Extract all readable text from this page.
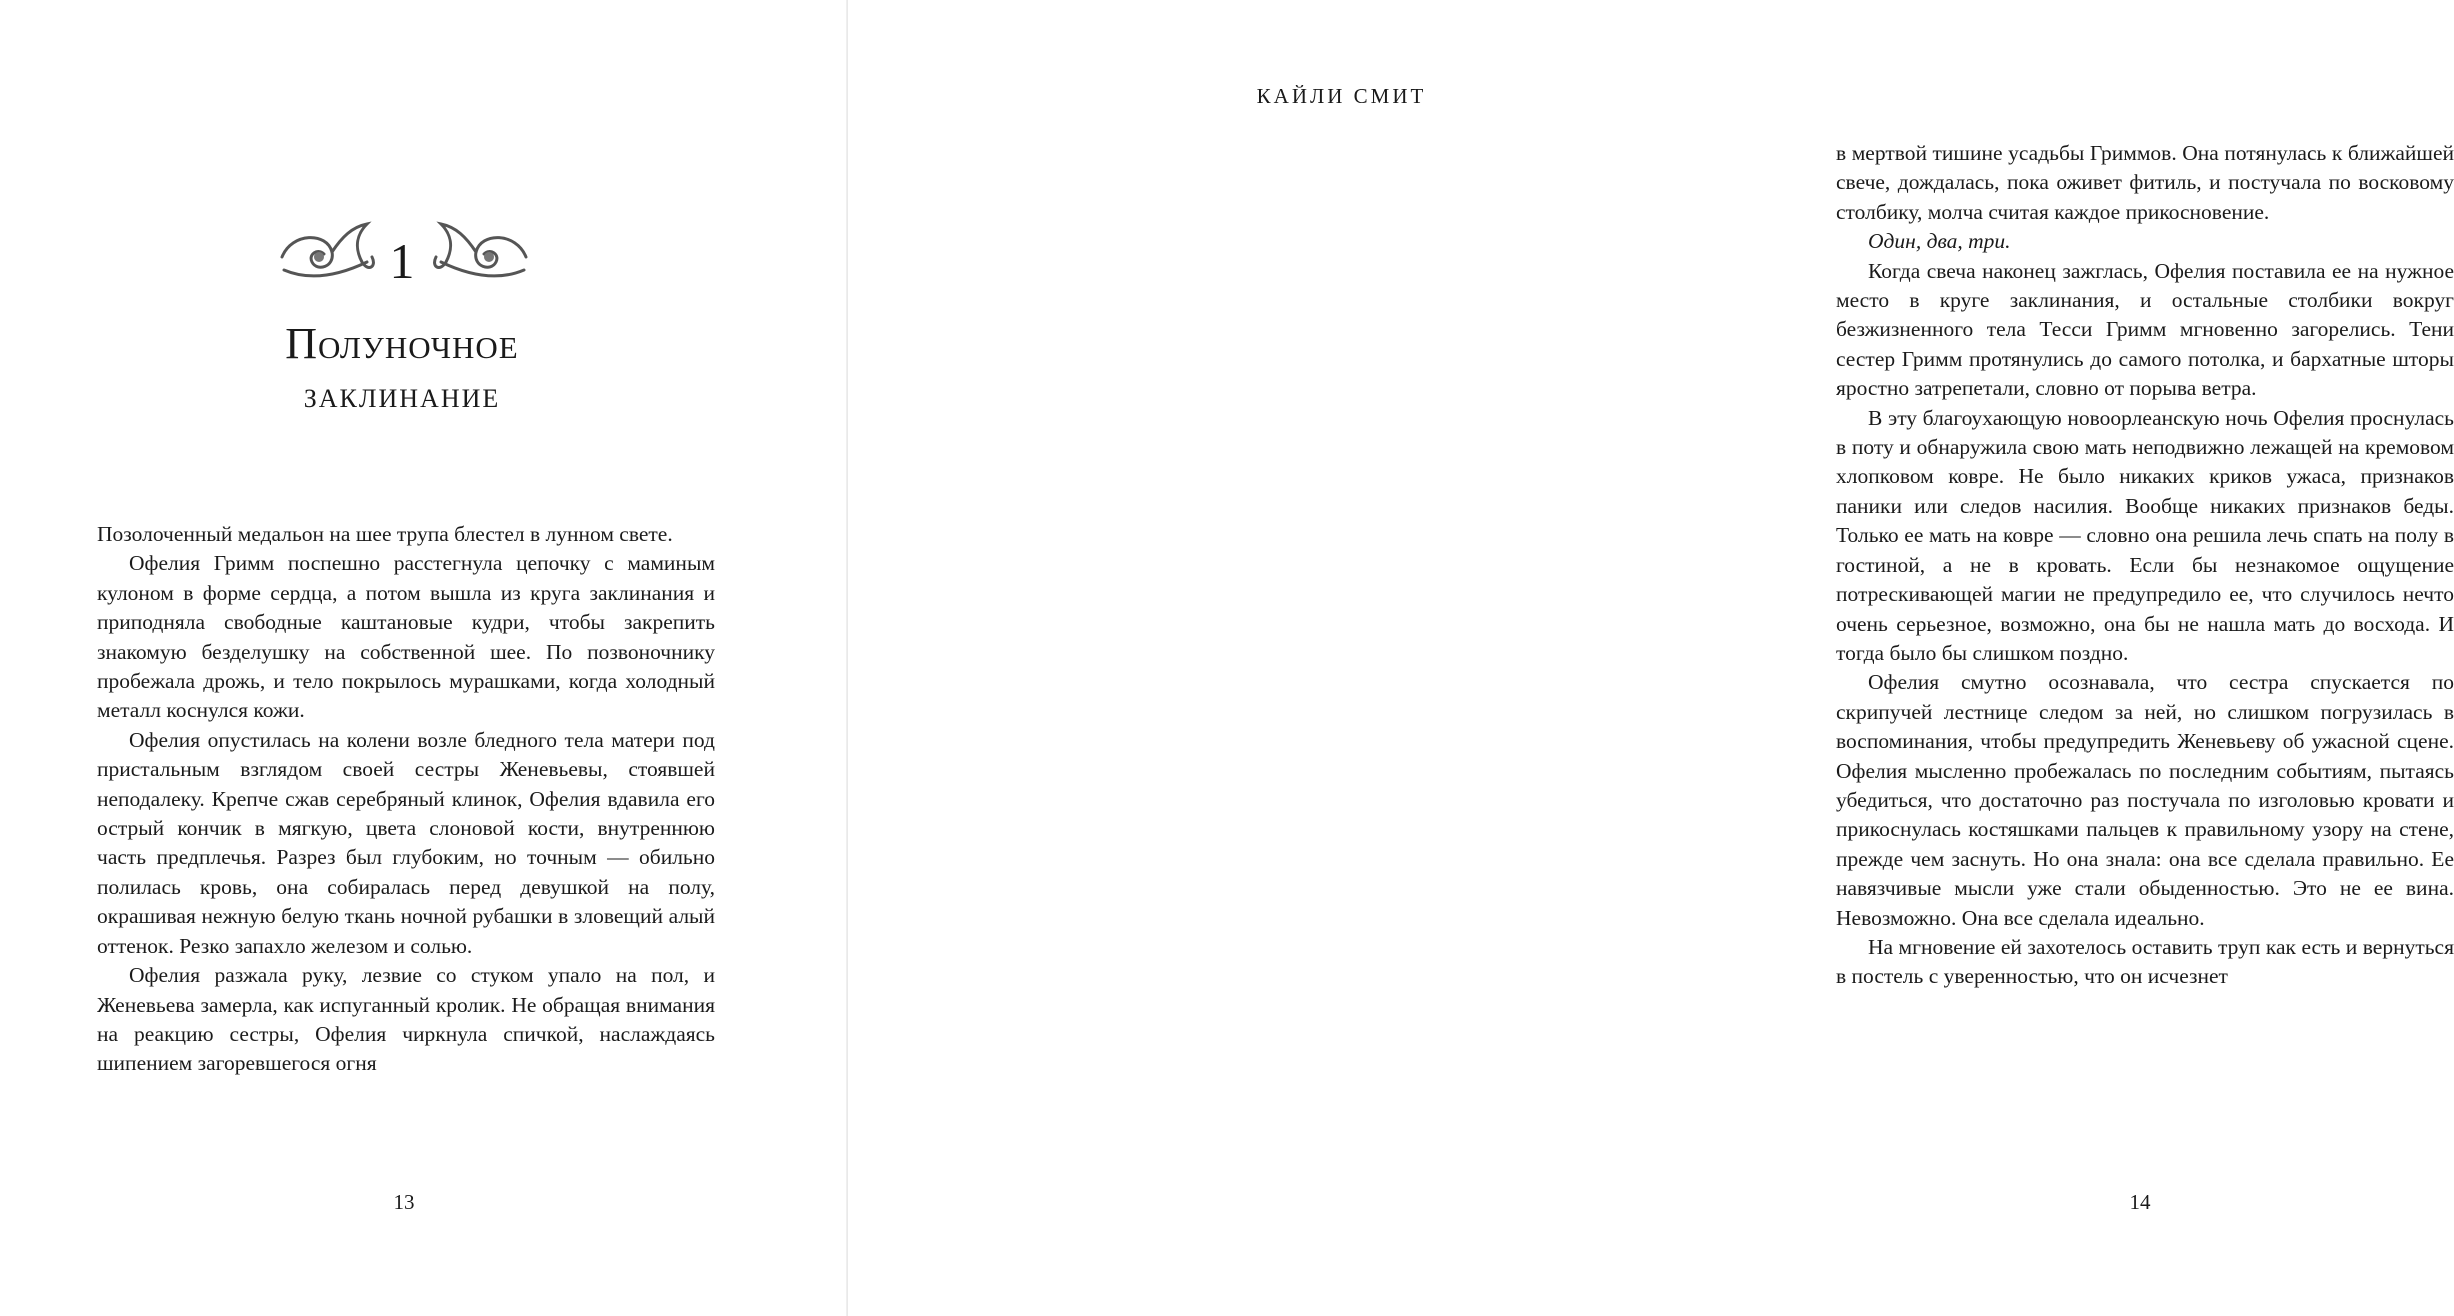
1
Полуночное
заклинание

Позолоченный медальон на шее трупа блестел в лунном свете.

Офелия Гримм поспешно расстегнула цепочку с маминым кулоном в форме сердца, а потом вышла из круга заклинания и приподняла свободные каштановые кудри, чтобы закрепить знакомую безделушку на собственной шее. По позвоночнику пробежала дрожь, и тело покрылось мурашками, когда холодный металл коснулся кожи.

Офелия опустилась на колени возле бледного тела матери под пристальным взглядом своей сестры Женевьевы, стоявшей неподалеку. Крепче сжав серебряный клинок, Офелия вдавила его острый кончик в мягкую, цвета слоновой кости, внутреннюю часть предплечья. Разрез был глубоким, но точным — обильно полилась кровь, она собиралась перед девушкой на полу, окрашивая нежную белую ткань ночной рубашки в зловещий алый оттенок. Резко запахло железом и солью.

Офелия разжала руку, лезвие со стуком упало на пол, и Женевьева замерла, как испуганный кролик. Не обращая внимания на реакцию сестры, Офелия чиркнула спичкой, наслаждаясь шипением загоревшегося огня

13
КАЙЛИ СМИТ

в мертвой тишине усадьбы Гриммов. Она потянулась к ближайшей свече, дождалась, пока оживет фитиль, и постучала по восковому столбику, молча считая каждое прикосновение.

Один, два, три.

Когда свеча наконец зажглась, Офелия поставила ее на нужное место в круге заклинания, и остальные столбики вокруг безжизненного тела Тесси Гримм мгновенно загорелись. Тени сестер Гримм протянулись до самого потолка, и бархатные шторы яростно затрепетали, словно от порыва ветра.

В эту благоухающую новоорлеанскую ночь Офелия проснулась в поту и обнаружила свою мать неподвижно лежащей на кремовом хлопковом ковре. Не было никаких криков ужаса, признаков паники или следов насилия. Вообще никаких признаков беды. Только ее мать на ковре — словно она решила лечь спать на полу в гостиной, а не в кровать. Если бы незнакомое ощущение потрескивающей магии не предупредило ее, что случилось нечто очень серьезное, возможно, она бы не нашла мать до восхода. И тогда было бы слишком поздно.

Офелия смутно осознавала, что сестра спускается по скрипучей лестнице следом за ней, но слишком погрузилась в воспоминания, чтобы предупредить Женевьеву об ужасной сцене. Офелия мысленно пробежалась по последним событиям, пытаясь убедиться, что достаточно раз постучала по изголовью кровати и прикоснулась костяшками пальцев к правильному узору на стене, прежде чем заснуть. Но она знала: она все сделала правильно. Ее навязчивые мысли уже стали обыденностью. Это не ее вина. Невозможно. Она все сделала идеально.

На мгновение ей захотелось оставить труп как есть и вернуться в постель с уверенностью, что он исчезнет

14
